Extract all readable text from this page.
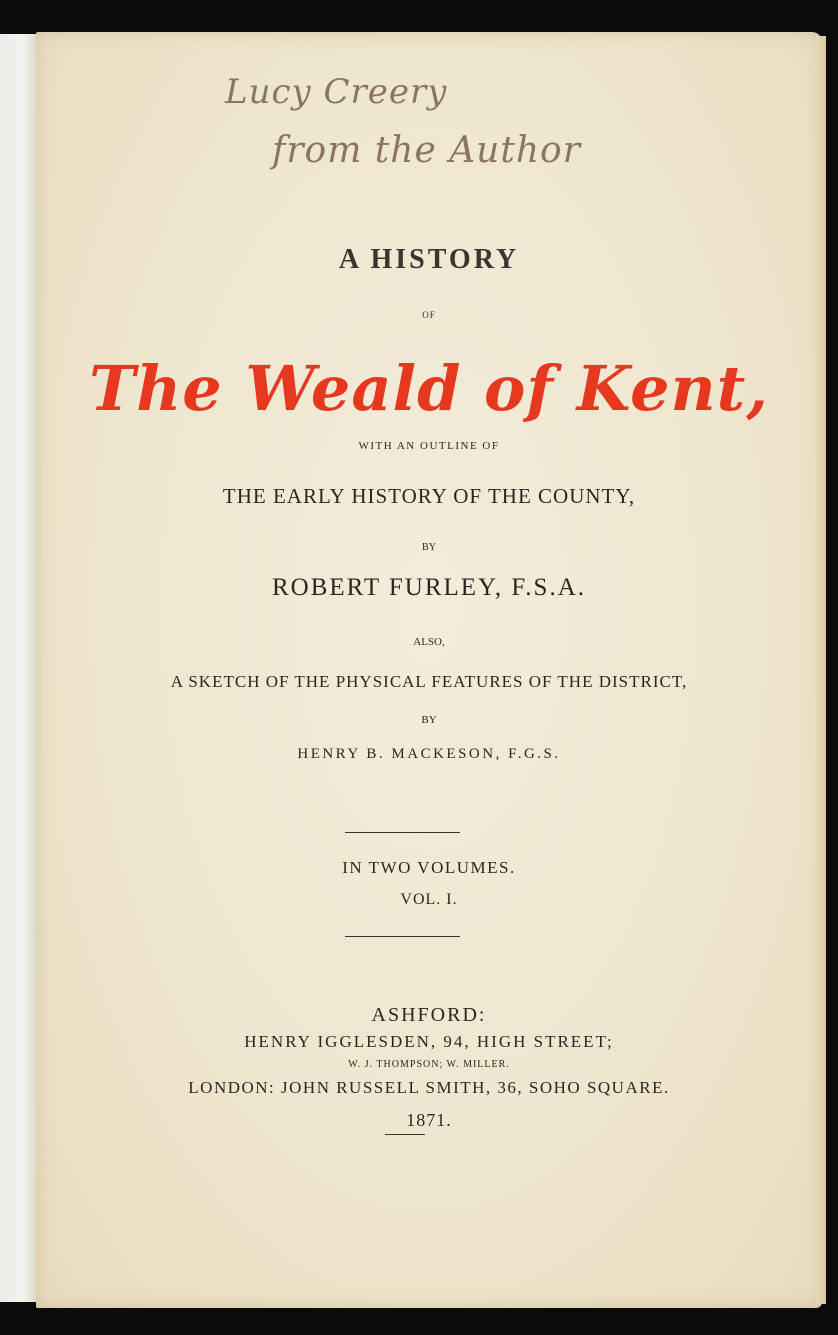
Lucy Creery
from the Author
A HISTORY
OF
The Weald of Kent,
WITH AN OUTLINE OF
THE EARLY HISTORY OF THE COUNTY,
BY
ROBERT FURLEY, F.S.A.
ALSO,
A SKETCH OF THE PHYSICAL FEATURES OF THE DISTRICT,
BY
HENRY B. MACKESON, F.G.S.
IN TWO VOLUMES.
VOL. I.
ASHFORD:
HENRY IGGLESDEN, 94, HIGH STREET;
W. J. THOMPSON; W. MILLER.
LONDON: JOHN RUSSELL SMITH, 36, SOHO SQUARE.
1871.
